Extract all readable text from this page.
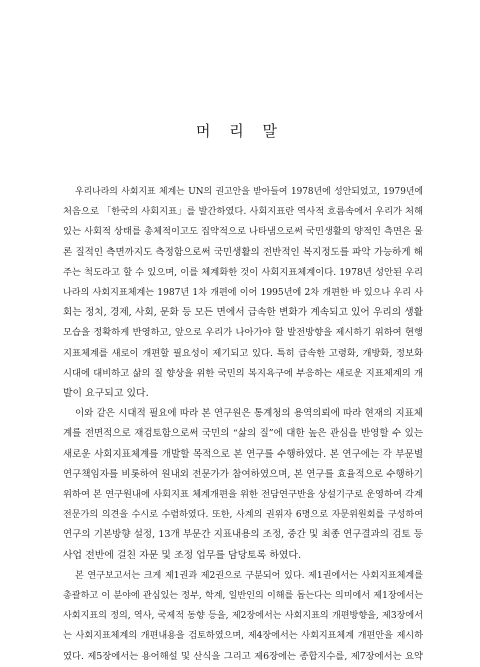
머 리 말
우리나라의 사회지표 체계는 UN의 권고안을 받아들여 1978년에 성안되었고, 1979년에
처음으로 「한국의 사회지표」를 발간하였다. 사회지표란 역사적 흐름속에서 우리가 처해
있는 사회적 상태를 총체적이고도 집약적으로 나타냄으로써 국민생활의 양적인 측면은 물
론 질적인 측면까지도 측정함으로써 국민생활의 전반적인 복지정도를 파악 가능하게 해
주는 척도라고 할 수 있으며, 이를 체계화한 것이 사회지표체계이다. 1978년 성안된 우리
나라의 사회지표체계는 1987년 1차 개편에 이어 1995년에 2차 개편한 바 있으나 우리 사
회는 정치, 경제, 사회, 문화 등 모든 면에서 급속한 변화가 계속되고 있어 우리의 생활
모습을 정확하게 반영하고, 앞으로 우리가 나아가야 할 발전방향을 제시하기 위하여 현행
지표체계를 새로이 개편할 필요성이 제기되고 있다. 특히 급속한 고령화, 개방화, 정보화
시대에 대비하고 삶의 질 향상을 위한 국민의 복지욕구에 부응하는 새로운 지표체계의 개
발이 요구되고 있다.
이와 같은 시대적 필요에 따라 본 연구원은 통계청의 용역의뢰에 따라 현재의 지표체
계를 전면적으로 재검토함으로써 국민의 “삶의 질”에 대한 높은 관심을 반영할 수 있는
새로운 사회지표체계를 개발할 목적으로 본 연구를 수행하였다. 본 연구에는 각 부문별
연구책임자를 비롯하여 원내외 전문가가 참여하였으며, 본 연구를 효율적으로 수행하기
위하여 본 연구원내에 사회지표 체계개편을 위한 전담연구반을 상설기구로 운영하여 각계
전문가의 의견을 수시로 수렴하였다. 또한, 사계의 권위자 6명으로 자문위원회를 구성하여
연구의 기본방향 설정, 13개 부문간 지표내용의 조정, 중간 및 최종 연구결과의 검토 등
사업 전반에 걸친 자문 및 조정 업무를 담당토록 하였다.
본 연구보고서는 크게 제1권과 제2권으로 구분되어 있다. 제1권에서는 사회지표체계를
총괄하고 이 분야에 관심있는 정부, 학계, 일반인의 이해를 돕는다는 의미에서 제1장에서는
사회지표의 정의, 역사, 국제적 동향 등을, 제2장에서는 사회지표의 개편방향을, 제3장에서
는 사회지표체계의 개편내용을 검토하였으며, 제4장에서는 사회지표체계 개편안을 제시하
였다. 제5장에서는 용어해설 및 산식을 그리고 제6장에는 종합지수를, 제7장에서는 요약
